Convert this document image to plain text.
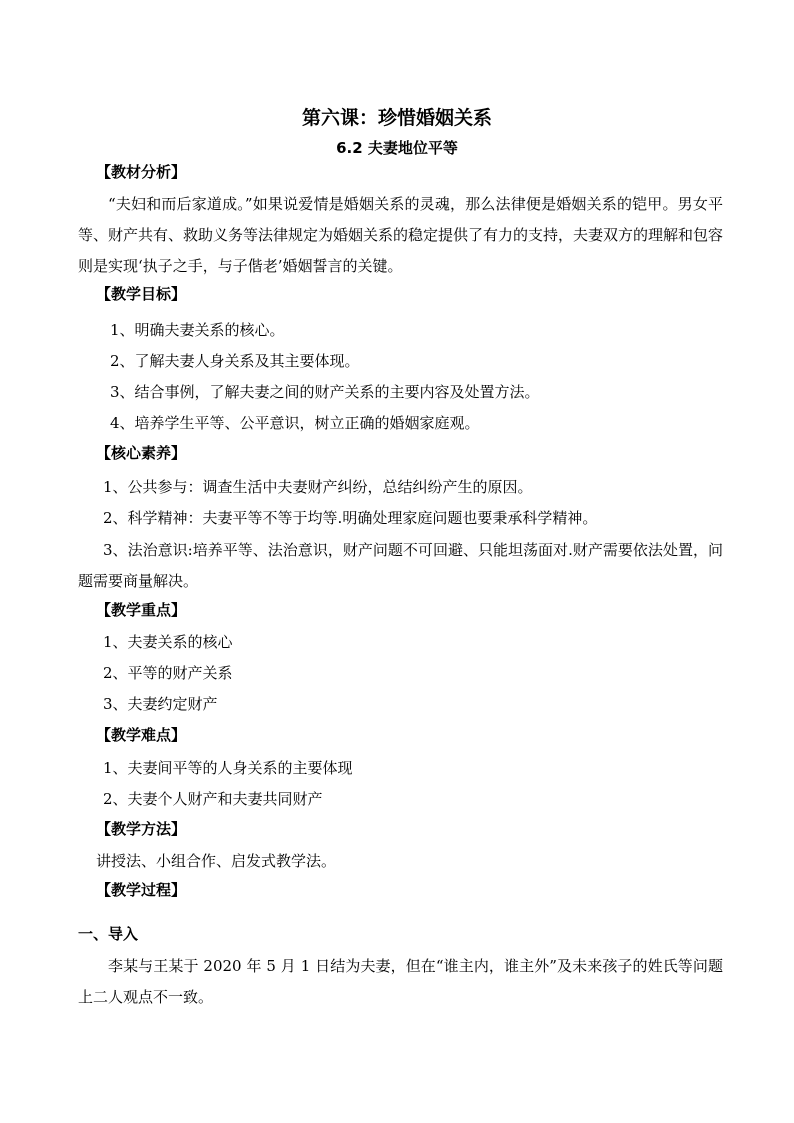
第六课：珍惜婚姻关系
6.2 夫妻地位平等
【教材分析】
“夫妇和而后家道成。”如果说爱情是婚姻关系的灵魂，那么法律便是婚姻关系的铠甲。男女平等、财产共有、救助义务等法律规定为婚姻关系的稳定提供了有力的支持，夫妻双方的理解和包容则是实现‘执子之手，与子偕老’婚姻誓言的关键。
【教学目标】
1、明确夫妻关系的核心。
2、了解夫妻人身关系及其主要体现。
3、结合事例，了解夫妻之间的财产关系的主要内容及处置方法。
4、培养学生平等、公平意识，树立正确的婚姻家庭观。
【核心素养】
1、公共参与：调查生活中夫妻财产纠纷，总结纠纷产生的原因。
2、科学精神：夫妻平等不等于均等.明确处理家庭问题也要秉承科学精神。
3、法治意识:培养平等、法治意识，财产问题不可回避、只能坦荡面对.财产需要依法处置，问题需要商量解决。
【教学重点】
1、夫妻关系的核心
2、平等的财产关系
3、夫妻约定财产
【教学难点】
1、夫妻间平等的人身关系的主要体现
2、夫妻个人财产和夫妻共同财产
【教学方法】
讲授法、小组合作、启发式教学法。
【教学过程】
一、导入
李某与王某于 2020 年 5 月 1 日结为夫妻，但在“谁主内，谁主外”及未来孩子的姓氏等问题上二人观点不一致。
